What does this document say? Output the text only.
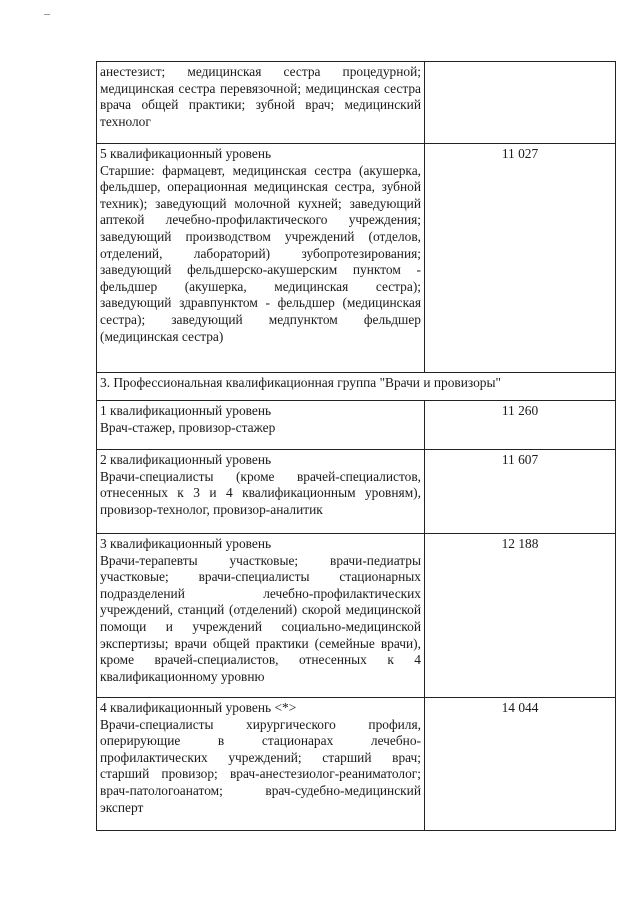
анестезист; медицинская сестра процедурной; медицинская сестра перевязочной; медицинская сестра врача общей практики; зубной врач; медицинский технолог	

5 квалификационный уровень
Старшие: фармацевт, медицинская сестра (акушерка, фельдшер, операционная медицинская сестра, зубной техник); заведующий молочной кухней; заведующий аптекой лечебно-профилактического учреждения; заведующий производством учреждений (отделов, отделений, лабораторий) зубопротезирования; заведующий фельдшерско-акушерским пунктом - фельдшер (акушерка, медицинская сестра); заведующий здравпунктом - фельдшер (медицинская сестра); заведующий медпунктом фельдшер (медицинская сестра)	11 027
3. Профессиональная квалификационная группа "Врачи и провизоры"	

1 квалификационный уровень
Врач-стажер, провизор-стажер	11 260

2 квалификационный уровень
Врачи-специалисты (кроме врачей-специалистов, отнесенных к 3 и 4 квалификационным уровням), провизор-технолог, провизор-аналитик	11 607

3 квалификационный уровень
Врачи-терапевты участковые; врачи-педиатры участковые; врачи-специалисты стационарных подразделений лечебно-профилактических учреждений, станций (отделений) скорой медицинской помощи и учреждений социально-медицинской экспертизы; врачи общей практики (семейные врачи), кроме врачей-специалистов, отнесенных к 4 квалификационному уровню	12 188

4 квалификационный уровень <*>
Врачи-специалисты хирургического профиля, оперирующие в стационарах лечебно-профилактических учреждений; старший врач; старший провизор; врач-анестезиолог-реаниматолог; врач-патологоанатом; врач-судебно-медицинский эксперт	14 044
